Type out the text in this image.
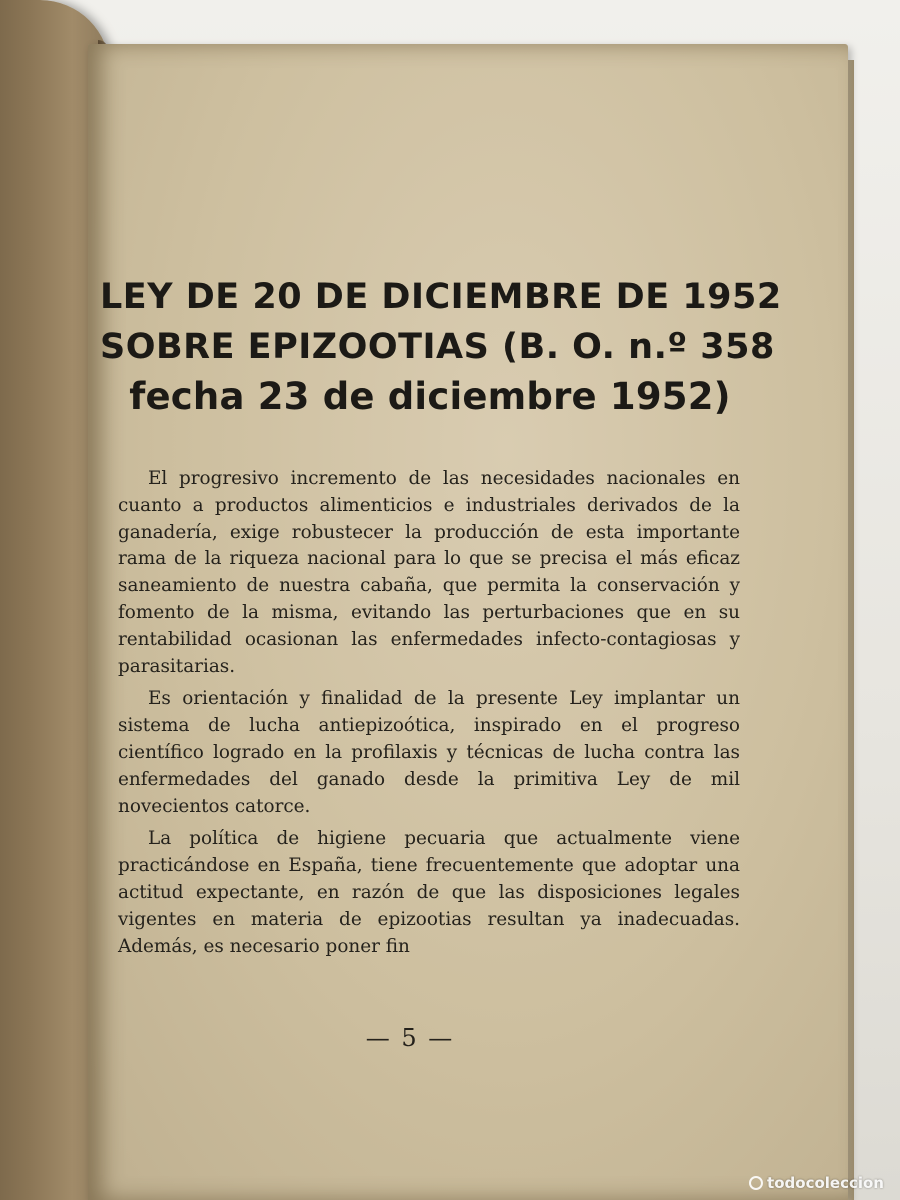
LEY DE 20 DE DICIEMBRE DE 1952
SOBRE EPIZOOTIAS (B. O. n.º 358
fecha 23 de diciembre 1952)

El progresivo incremento de las necesidades nacionales en cuanto a productos alimenticios e industriales derivados de la ganadería, exige robustecer la producción de esta importante rama de la riqueza nacional para lo que se precisa el más eficaz saneamiento de nuestra cabaña, que permita la conservación y fomento de la misma, evitando las perturbaciones que en su rentabilidad ocasionan las enfermedades infecto-contagiosas y parasitarias.

Es orientación y finalidad de la presente Ley implantar un sistema de lucha antiepizoótica, inspirado en el progreso científico logrado en la profilaxis y técnicas de lucha contra las enfermedades del ganado desde la primitiva Ley de mil novecientos catorce.

La política de higiene pecuaria que actualmente viene practicándose en España, tiene frecuentemente que adoptar una actitud expectante, en razón de que las disposiciones legales vigentes en materia de epizootias resultan ya inadecuadas. Además, es necesario poner fin

— 5 —
todocoleccion
